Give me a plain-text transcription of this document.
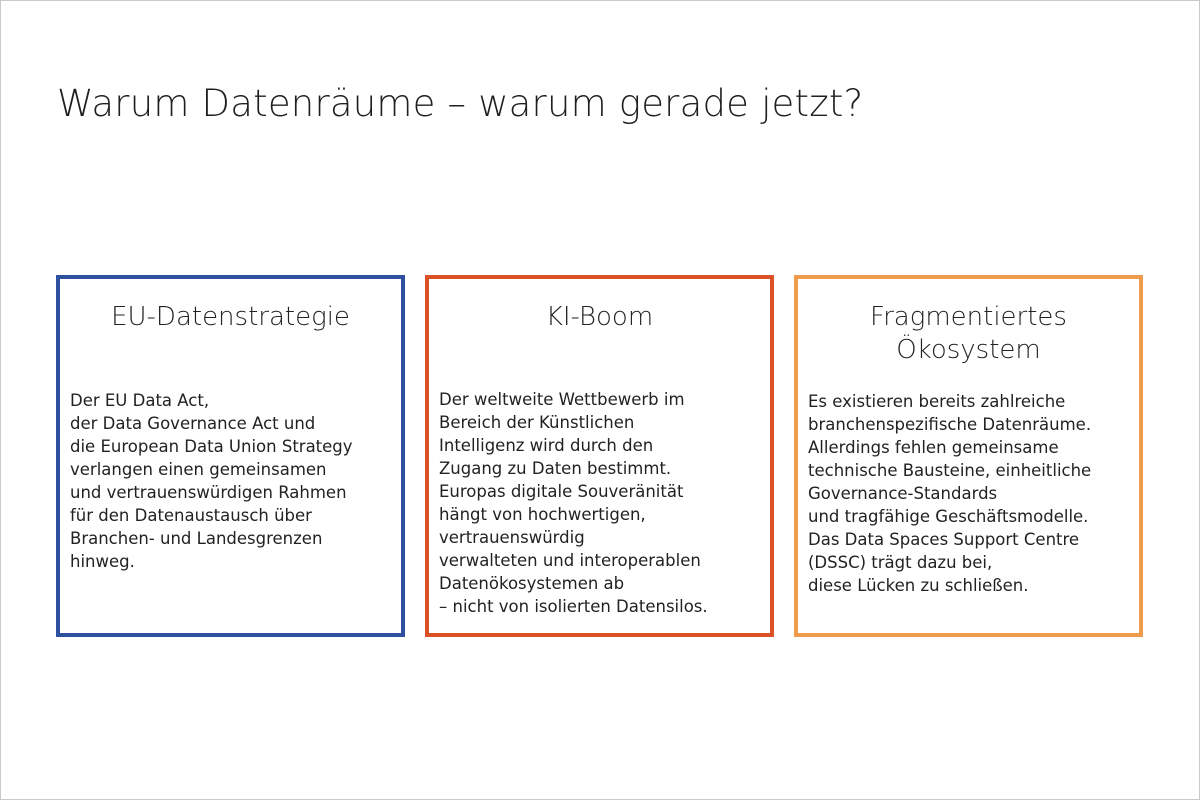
Warum Datenräume – warum gerade jetzt?
EU-Datenstrategie

Der EU Data Act,
der Data Governance Act und
die European Data Union Strategy
verlangen einen gemeinsamen
und vertrauenswürdigen Rahmen
für den Datenaustausch über
Branchen- und Landesgrenzen
hinweg.

KI-Boom

Der weltweite Wettbewerb im
Bereich der Künstlichen
Intelligenz wird durch den
Zugang zu Daten bestimmt.
Europas digitale Souveränität
hängt von hochwertigen,
vertrauenswürdig
verwalteten und interoperablen
Datenökosystemen ab
– nicht von isolierten Datensilos.

Fragmentiertes
Ökosystem

Es existieren bereits zahlreiche
branchenspezifische Datenräume.
Allerdings fehlen gemeinsame
technische Bausteine, einheitliche
Governance-Standards
und tragfähige Geschäftsmodelle.
Das Data Spaces Support Centre
(DSSC) trägt dazu bei,
diese Lücken zu schließen.
